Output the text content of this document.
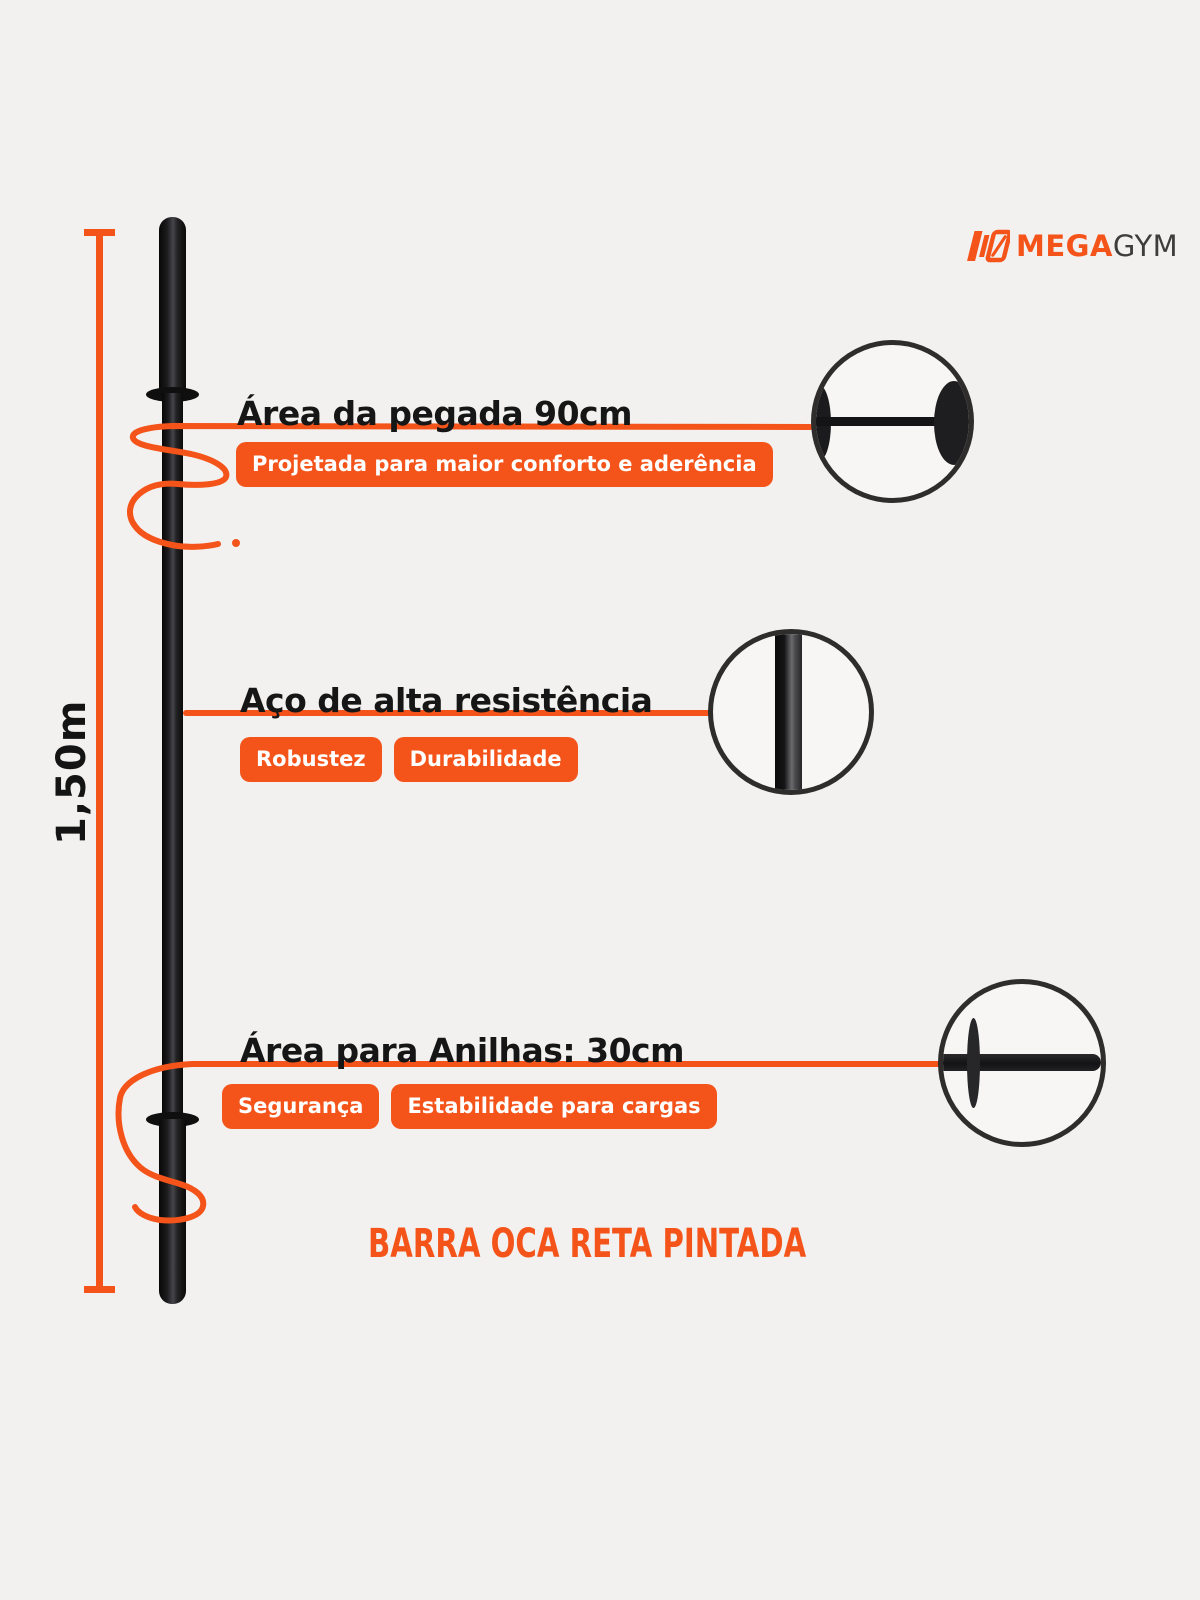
MEGAGYM
1,50m
Área da pegada 90cm
Projetada para maior conforto e aderência
Aço de alta resistência
Robustez	Durabilidade
Área para Anilhas: 30cm
Segurança	Estabilidade para cargas
BARRA OCA RETA PINTADA
